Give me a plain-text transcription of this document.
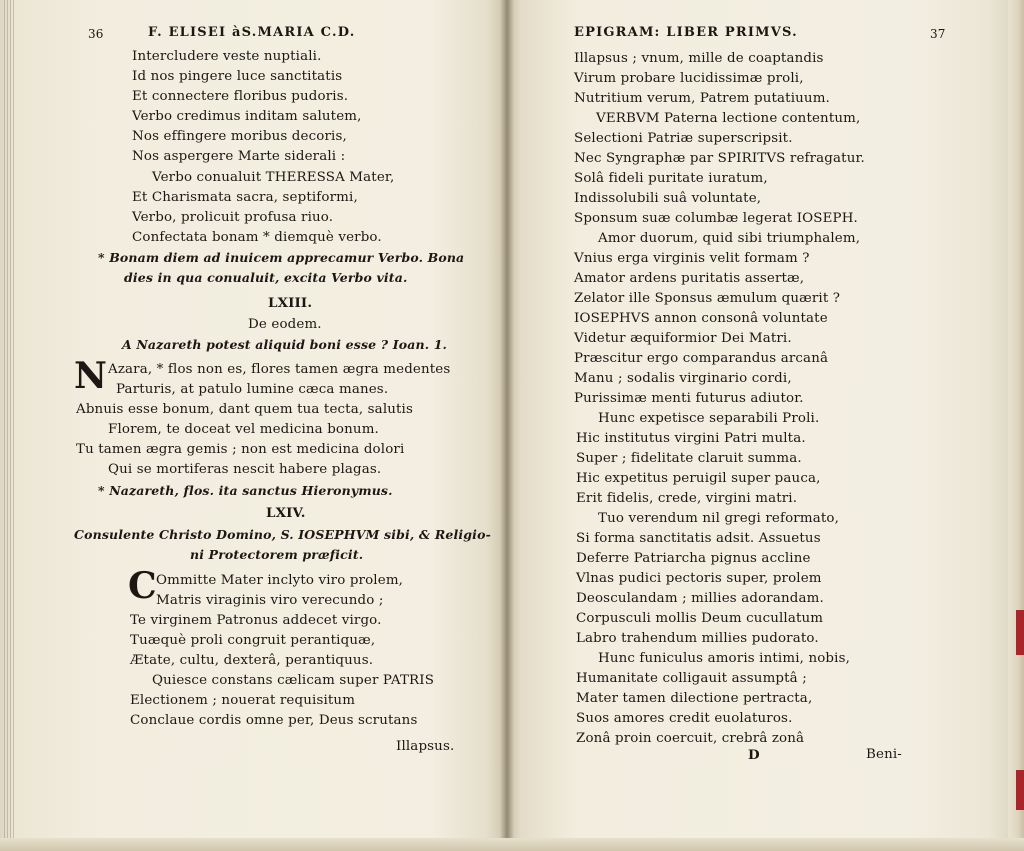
36	F. ELISEI àS.MARIA C.D.
Intercludere veste nuptiali.
Id nos pingere luce sanctitatis
Et connectere floribus pudoris.
Verbo credimus inditam salutem,
Nos effingere moribus decoris,
Nos aspergere Marte siderali :
Verbo conualuit THERESSA Mater,
Et Charismata sacra, septiformi,
Verbo, prolicuit profusa riuo.
Confectata bonam * diemquè verbo.
* Bonam diem ad inuicem apprecamur Verbo. Bona
dies in qua conualuit, excita Verbo vita.
LXIII.
De eodem.
A Nazareth potest aliquid boni esse ? Ioan. 1.
N Azara, * flos non es, flores tamen ægra medentes
Parturis, at patulo lumine cæca manes.
Abnuis esse bonum, dant quem tua tecta, salutis
Florem, te doceat vel medicina bonum.
Tu tamen ægra gemis ; non est medicina dolori
Qui se mortiferas nescit habere plagas.
* Nazareth, flos. ita sanctus Hieronymus.
LXIV.
Consulente Christo Domino, S. IOSEPHVM sibi, & Religio-
ni Protectorem præficit.
C Ommitte Mater inclyto viro prolem,
Matris viraginis viro verecundo ;
Te virginem Patronus addecet virgo.
Tuæquè proli congruit perantiquæ,
Ætate, cultu, dexterâ, perantiquus.
Quiesce constans cælicam super PATRIS
Electionem ; nouerat requisitum
Conclaue cordis omne per, Deus scrutans
Illapsus.
EPIGRAM: LIBER PRIMVS.	37
Illapsus ; vnum, mille de coaptandis
Virum probare lucidissimæ proli,
Nutritium verum, Patrem putatiuum.
VERBVM Paterna lectione contentum,
Selectioni Patriæ superscripsit.
Nec Syngraphæ par SPIRITVS refragatur.
Solâ fideli puritate iuratum,
Indissolubili suâ voluntate,
Sponsum suæ columbæ legerat IOSEPH.
Amor duorum, quid sibi triumphalem,
Vnius erga virginis velit formam ?
Amator ardens puritatis assertæ,
Zelator ille Sponsus æmulum quærit ?
IOSEPHVS annon consonâ voluntate
Videtur æquiformior Dei Matri.
Præscitur ergo comparandus arcanâ
Manu ; sodalis virginario cordi,
Purissimæ menti futurus adiutor.
Hunc expetisce separabili Proli.
Hic institutus virgini Patri multa.
Super ; fidelitate claruit summa.
Hic expetitus peruigil super pauca,
Erit fidelis, crede, virgini matri.
Tuo verendum nil gregi reformato,
Si forma sanctitatis adsit. Assuetus
Deferre Patriarcha pignus accline
Vlnas pudici pectoris super, prolem
Deosculandam ; millies adorandam.
Corpusculi mollis Deum cucullatum
Labro trahendum millies pudorato.
Hunc funiculus amoris intimi, nobis,
Humanitate colligauit assumptâ ;
Mater tamen dilectione pertracta,
Suos amores credit euolaturos.
Zonâ proin coercuit, crebrâ zonâ
D	Beni-
